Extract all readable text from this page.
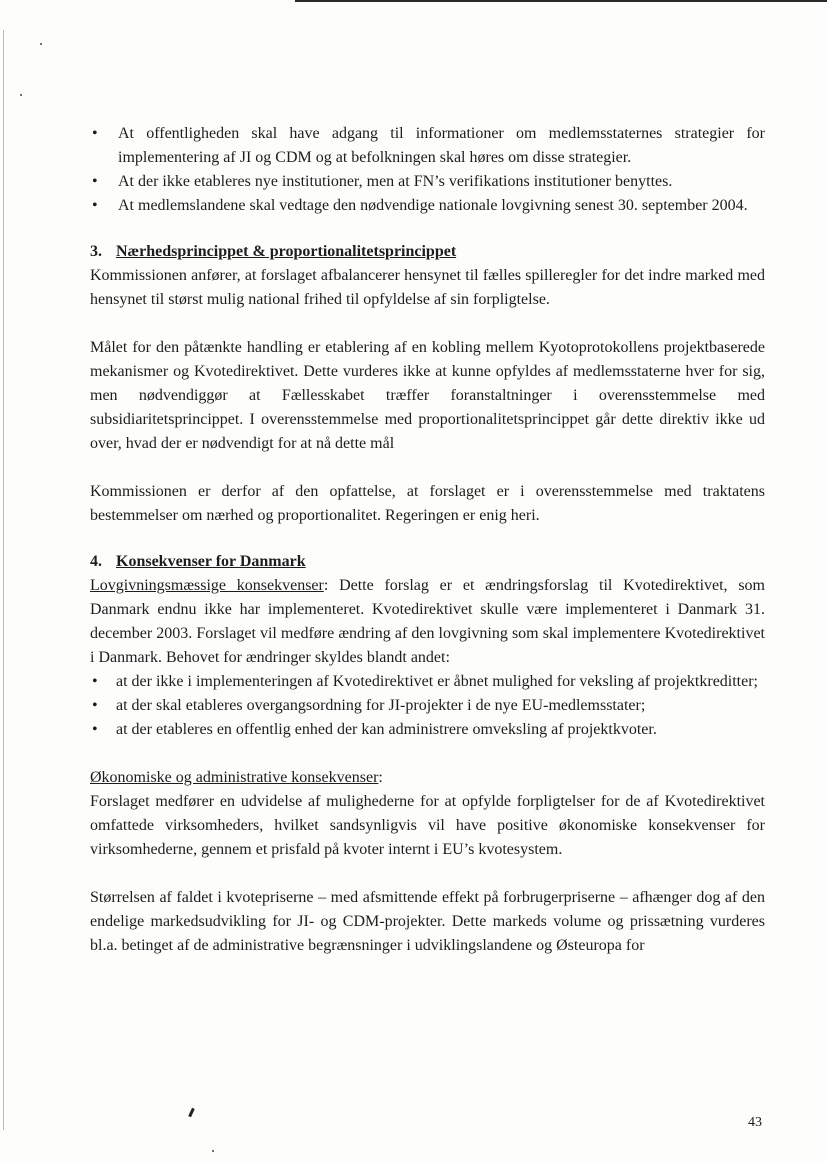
• At offentligheden skal have adgang til informationer om medlemsstaternes strategier for implementering af JI og CDM og at befolkningen skal høres om disse strategier.
• At der ikke etableres nye institutioner, men at FN’s verifikations institutioner benyttes.
• At medlemslandene skal vedtage den nødvendige nationale lovgivning senest 30. september 2004.
3. Nærhedsprincippet & proportionalitetsprincippet

Kommissionen anfører, at forslaget afbalancerer hensynet til fælles spilleregler for det indre marked med hensynet til størst mulig national frihed til opfyldelse af sin forpligtelse.

Målet for den påtænkte handling er etablering af en kobling mellem Kyotoprotokollens projektbaserede mekanismer og Kvotedirektivet. Dette vurderes ikke at kunne opfyldes af medlemsstaterne hver for sig, men nødvendiggør at Fællesskabet træffer foranstaltninger i overensstemmelse med subsidiaritetsprincippet. I overensstemmelse med proportionalitetsprincippet går dette direktiv ikke ud over, hvad der er nødvendigt for at nå dette mål

Kommissionen er derfor af den opfattelse, at forslaget er i overensstemmelse med traktatens bestemmelser om nærhed og proportionalitet. Regeringen er enig heri.

4. Konsekvenser for Danmark

Lovgivningsmæssige konsekvenser: Dette forslag er et ændringsforslag til Kvotedirektivet, som Danmark endnu ikke har implementeret. Kvotedirektivet skulle være implementeret i Danmark 31. december 2003. Forslaget vil medføre ændring af den lovgivning som skal implementere Kvotedirektivet i Danmark. Behovet for ændringer skyldes blandt andet:

• at der ikke i implementeringen af Kvotedirektivet er åbnet mulighed for veksling af projektkreditter;
• at der skal etableres overgangsordning for JI-projekter i de nye EU-medlemsstater;
• at der etableres en offentlig enhed der kan administrere omveksling af projektkvoter.

Økonomiske og administrative konsekvenser:

Forslaget medfører en udvidelse af mulighederne for at opfylde forpligtelser for de af Kvotedirektivet omfattede virksomheders, hvilket sandsynligvis vil have positive økonomiske konsekvenser for virksomhederne, gennem et prisfald på kvoter internt i EU’s kvotesystem.

Størrelsen af faldet i kvotepriserne – med afsmittende effekt på forbrugerpriserne – afhænger dog af den endelige markedsudvikling for JI- og CDM-projekter. Dette markeds volume og prissætning vurderes bl.a. betinget af de administrative begrænsninger i udviklingslandene og Østeuropa for

43
